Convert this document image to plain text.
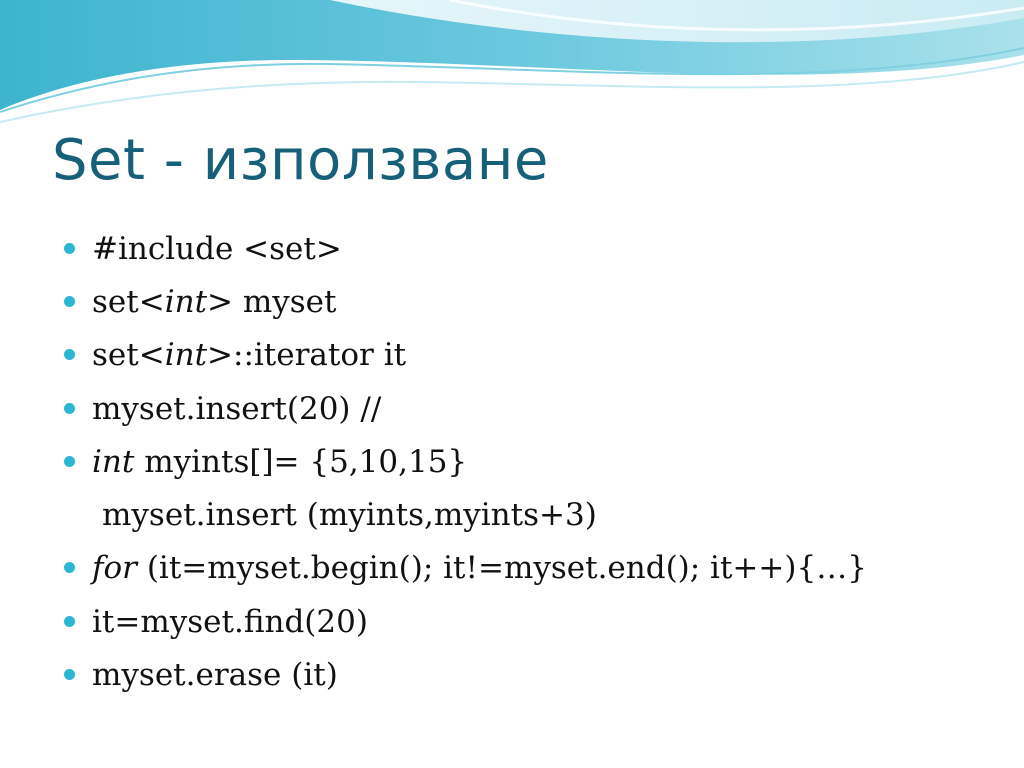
Set - използване
#include <set>
set<int> myset
set<int>::iterator it
myset.insert(20) //
int myints[]= {5,10,15}
myset.insert (myints,myints+3)
for (it=myset.begin(); it!=myset.end(); it++){…}
it=myset.find(20)
myset.erase (it)
